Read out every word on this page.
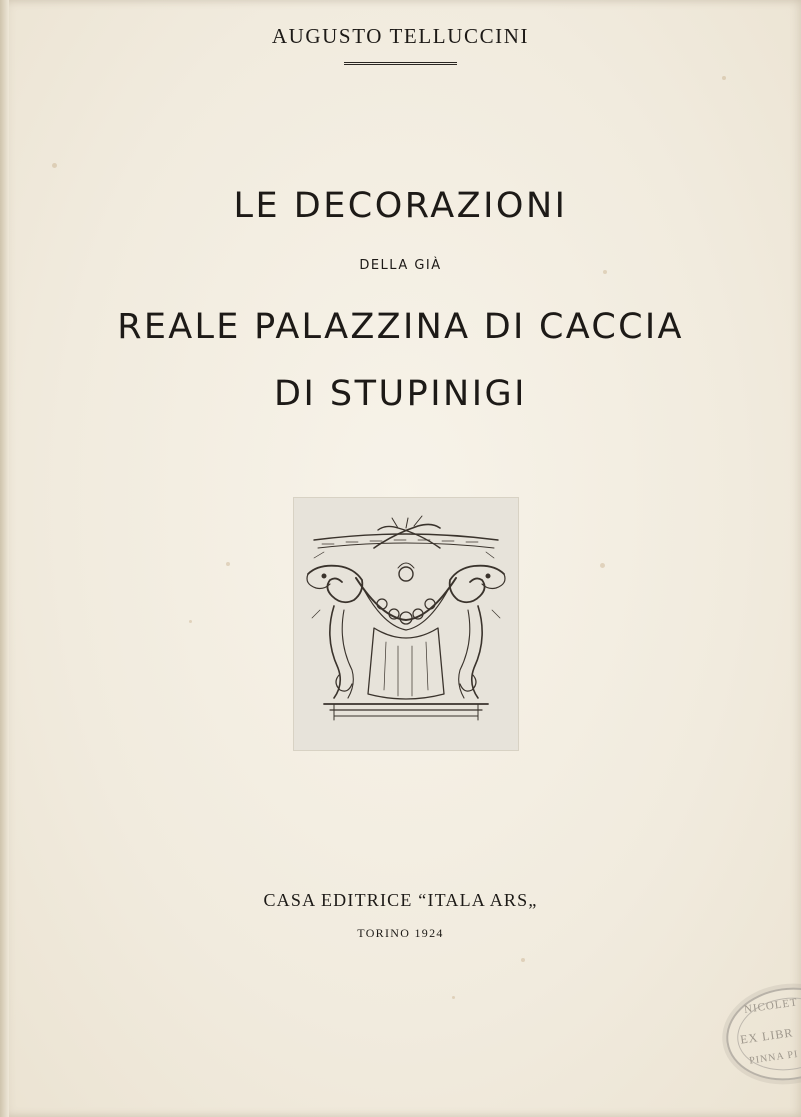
AUGUSTO TELLUCCINI
LE DECORAZIONI
DELLA GIÀ
REALE PALAZZINA DI CACCIA
DI STUPINIGI
CASA EDITRICE “ITALA ARS„
TORINO 1924
NICOLET
EX LIBR
PINNA PI
